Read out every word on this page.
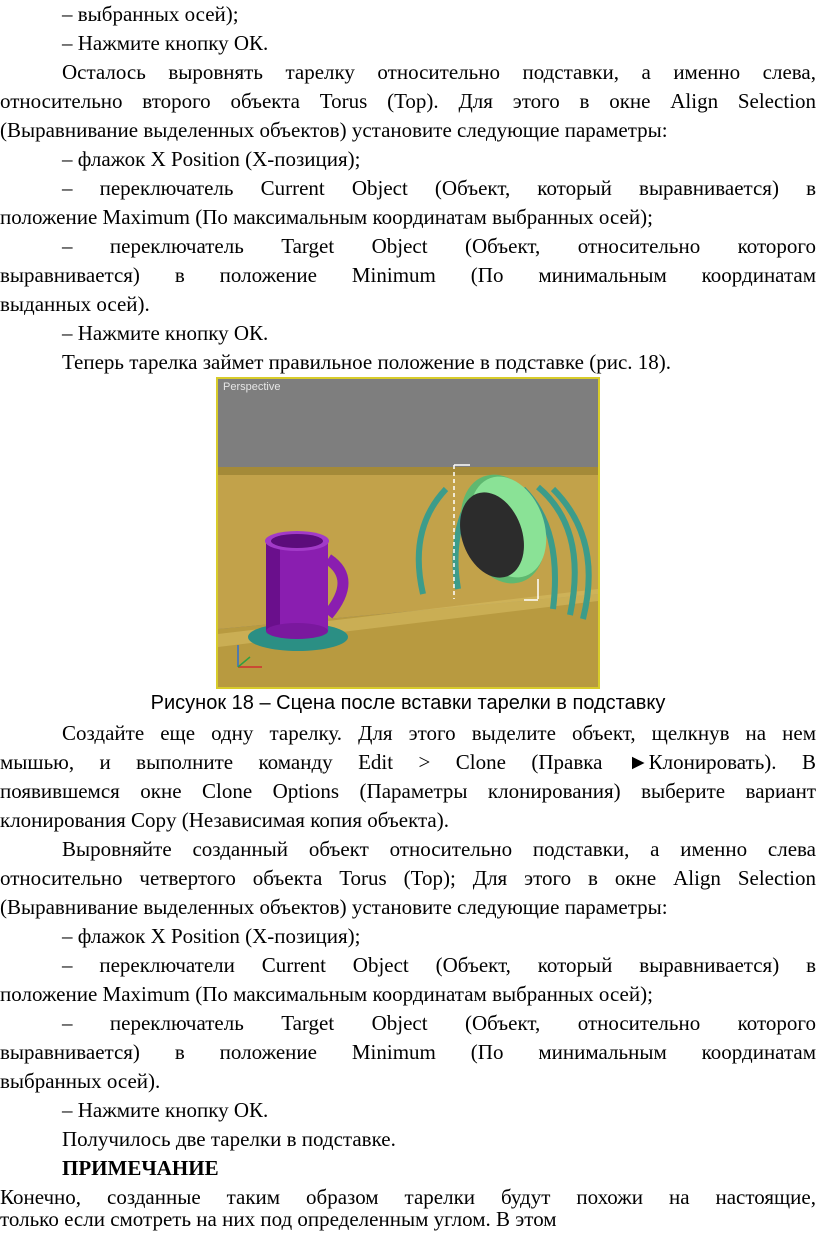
– выбранных осей);
– Нажмите кнопку ОК.
Осталось выровнять тарелку относительно подставки, а именно слева,
относительно второго объекта Torus (Top). Для этого в окне Align Selection
(Выравнивание выделенных объектов) установите следующие параметры:
– флажок X Position (X-позиция);
– переключатель Current Object (Объект, который выравнивается) в
положение Maximum (По максимальным координатам выбранных осей);
– переключатель Target Object (Объект, относительно которого
выравнивается) в положение Minimum (По минимальным координатам
выданных осей).
– Нажмите кнопку ОК.
Теперь тарелка займет правильное положение в подставке (рис. 18).
Perspective
Рисунок 18 – Сцена после вставки тарелки в подставку
Создайте еще одну тарелку. Для этого выделите объект, щелкнув на нем
мышью, и выполните команду Edit > Clone (Правка ►Клонировать). В
появившемся окне Clone Options (Параметры клонирования) выберите вариант
клонирования Copy (Независимая копия объекта).
Выровняйте созданный объект относительно подставки, а именно слева
относительно четвертого объекта Torus (Top); Для этого в окне Align Selection
(Выравнивание выделенных объектов) установите следующие параметры:
– флажок X Position (X-позиция);
– переключатели Current Object (Объект, который выравнивается) в
положение Maximum (По максимальным координатам выбранных осей);
– переключатель Target Object (Объект, относительно которого
выравнивается) в положение Minimum (По минимальным координатам
выбранных осей).
– Нажмите кнопку ОК.
Получилось две тарелки в подставке.
ПРИМЕЧАНИЕ
Конечно, созданные таким образом тарелки будут похожи на настоящие,
только если смотреть на них под определенным углом. В этом
